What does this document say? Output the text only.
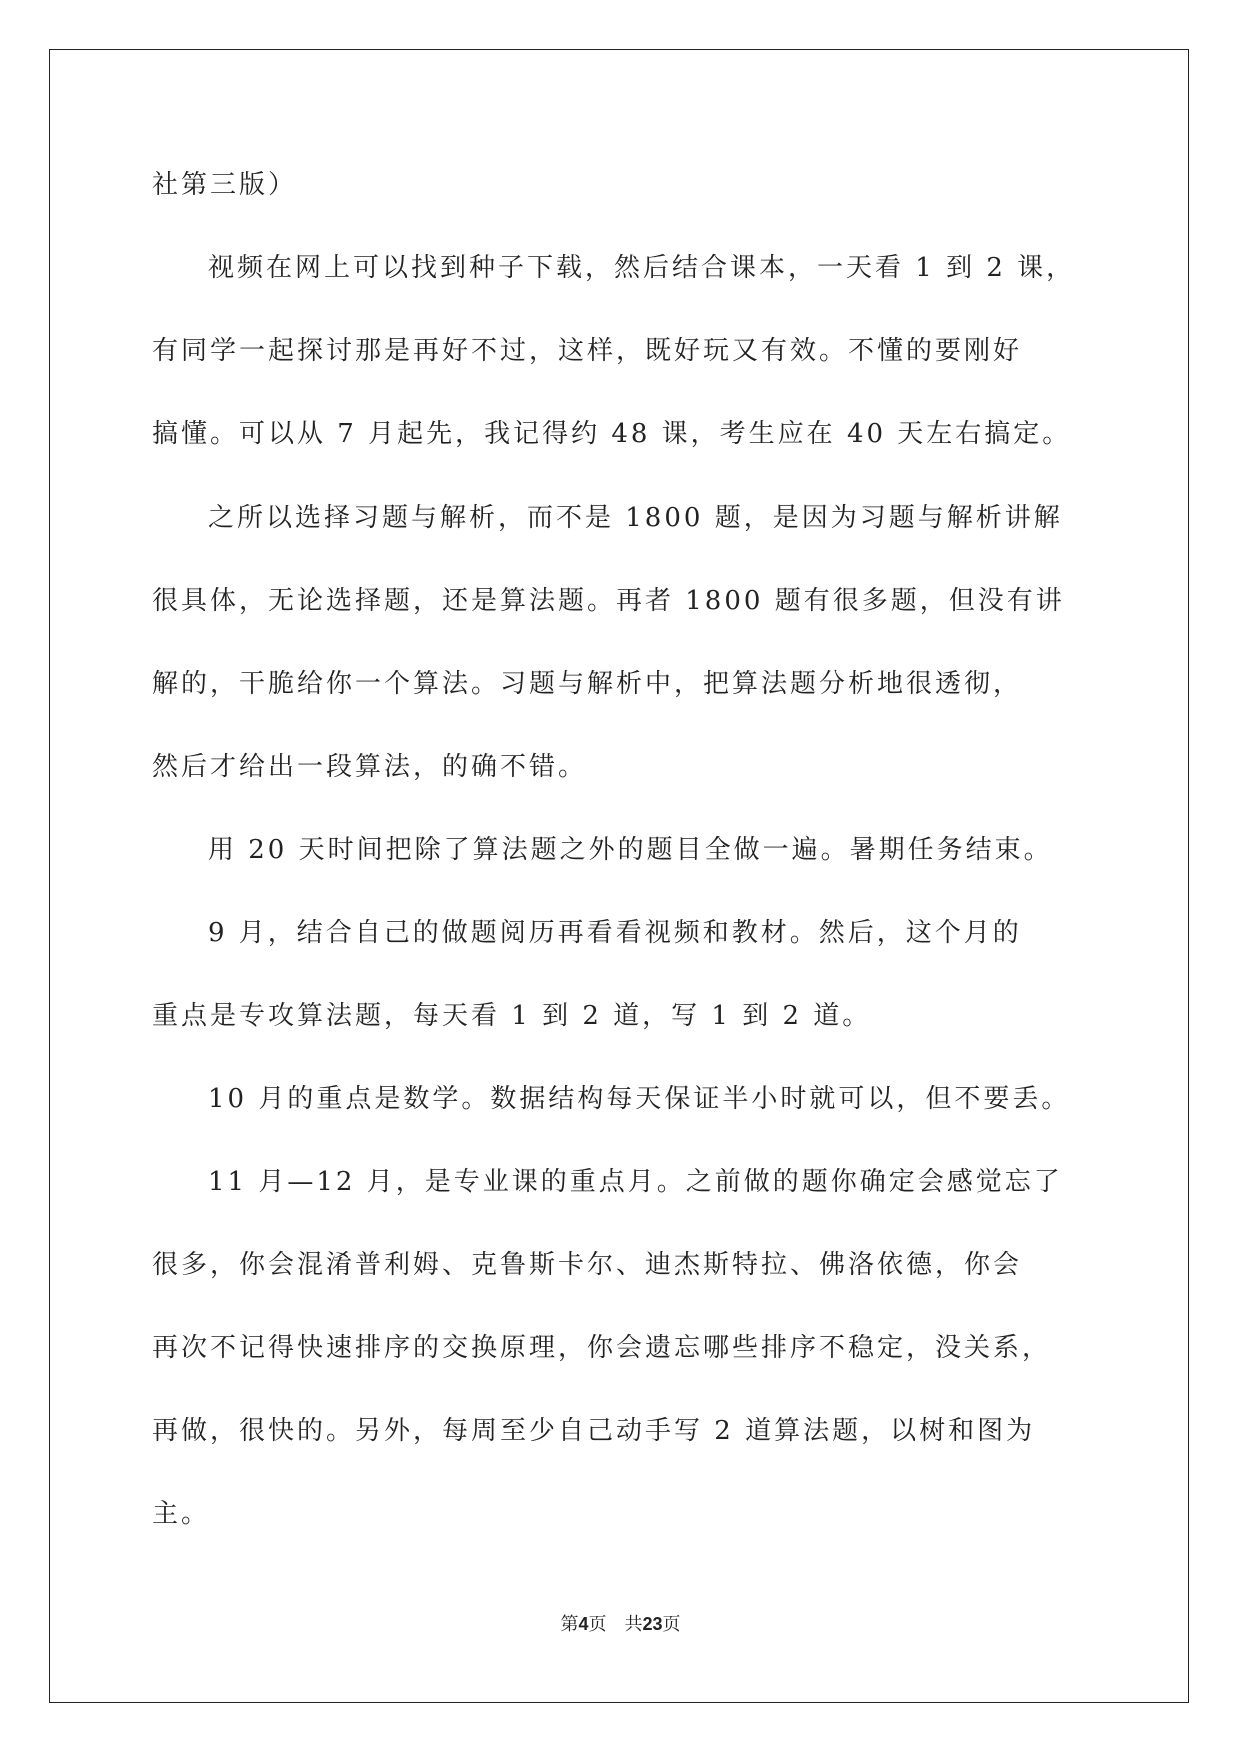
社第三版）
视频在网上可以找到种子下载，然后结合课本，一天看 1 到 2 课，
有同学一起探讨那是再好不过，这样，既好玩又有效。不懂的要刚好
搞懂。可以从 7 月起先，我记得约 48 课，考生应在 40 天左右搞定。
之所以选择习题与解析，而不是 1800 题，是因为习题与解析讲解
很具体，无论选择题，还是算法题。再者 1800 题有很多题，但没有讲
解的，干脆给你一个算法。习题与解析中，把算法题分析地很透彻，
然后才给出一段算法，的确不错。
用 20 天时间把除了算法题之外的题目全做一遍。暑期任务结束。
9 月，结合自己的做题阅历再看看视频和教材。然后，这个月的
重点是专攻算法题，每天看 1 到 2 道，写 1 到 2 道。
10 月的重点是数学。数据结构每天保证半小时就可以，但不要丢。
11 月—12 月，是专业课的重点月。之前做的题你确定会感觉忘了
很多，你会混淆普利姆、克鲁斯卡尔、迪杰斯特拉、佛洛依德，你会
再次不记得快速排序的交换原理，你会遗忘哪些排序不稳定，没关系，
再做，很快的。另外，每周至少自己动手写 2 道算法题，以树和图为
主。
第4页　共23页
